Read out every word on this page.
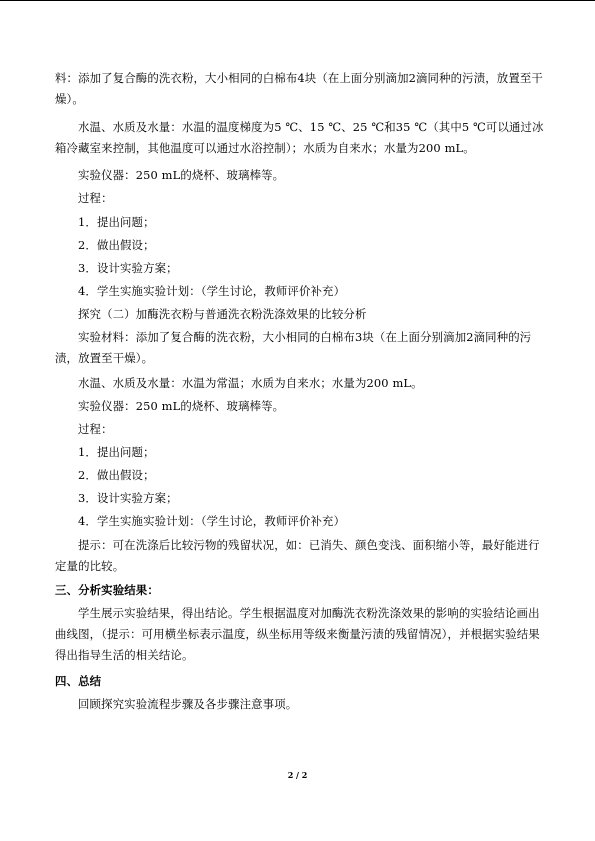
料：添加了复合酶的洗衣粉，大小相同的白棉布4块（在上面分别滴加2滴同种的污渍，放置至干燥）。

水温、水质及水量：水温的温度梯度为5 ℃、15 ℃、25 ℃和35 ℃（其中5 ℃可以通过冰箱冷藏室来控制，其他温度可以通过水浴控制）；水质为自来水；水量为200 mL。

实验仪器：250 mL的烧杯、玻璃棒等。

过程：

1．提出问题；

2．做出假设；

3．设计实验方案；

4．学生实施实验计划：（学生讨论，教师评价补充）

探究（二）加酶洗衣粉与普通洗衣粉洗涤效果的比较分析

实验材料：添加了复合酶的洗衣粉，大小相同的白棉布3块（在上面分别滴加2滴同种的污渍，放置至干燥）。

水温、水质及水量：水温为常温；水质为自来水；水量为200 mL。

实验仪器：250 mL的烧杯、玻璃棒等。

过程：

1．提出问题；

2．做出假设；

3．设计实验方案；

4．学生实施实验计划：（学生讨论，教师评价补充）

提示：可在洗涤后比较污物的残留状况，如：已消失、颜色变浅、面积缩小等，最好能进行定量的比较。

三、分析实验结果：

学生展示实验结果，得出结论。学生根据温度对加酶洗衣粉洗涤效果的影响的实验结论画出曲线图，（提示：可用横坐标表示温度，纵坐标用等级来衡量污渍的残留情况），并根据实验结果得出指导生活的相关结论。

四、总结

回顾探究实验流程步骤及各步骤注意事项。

2 / 2
